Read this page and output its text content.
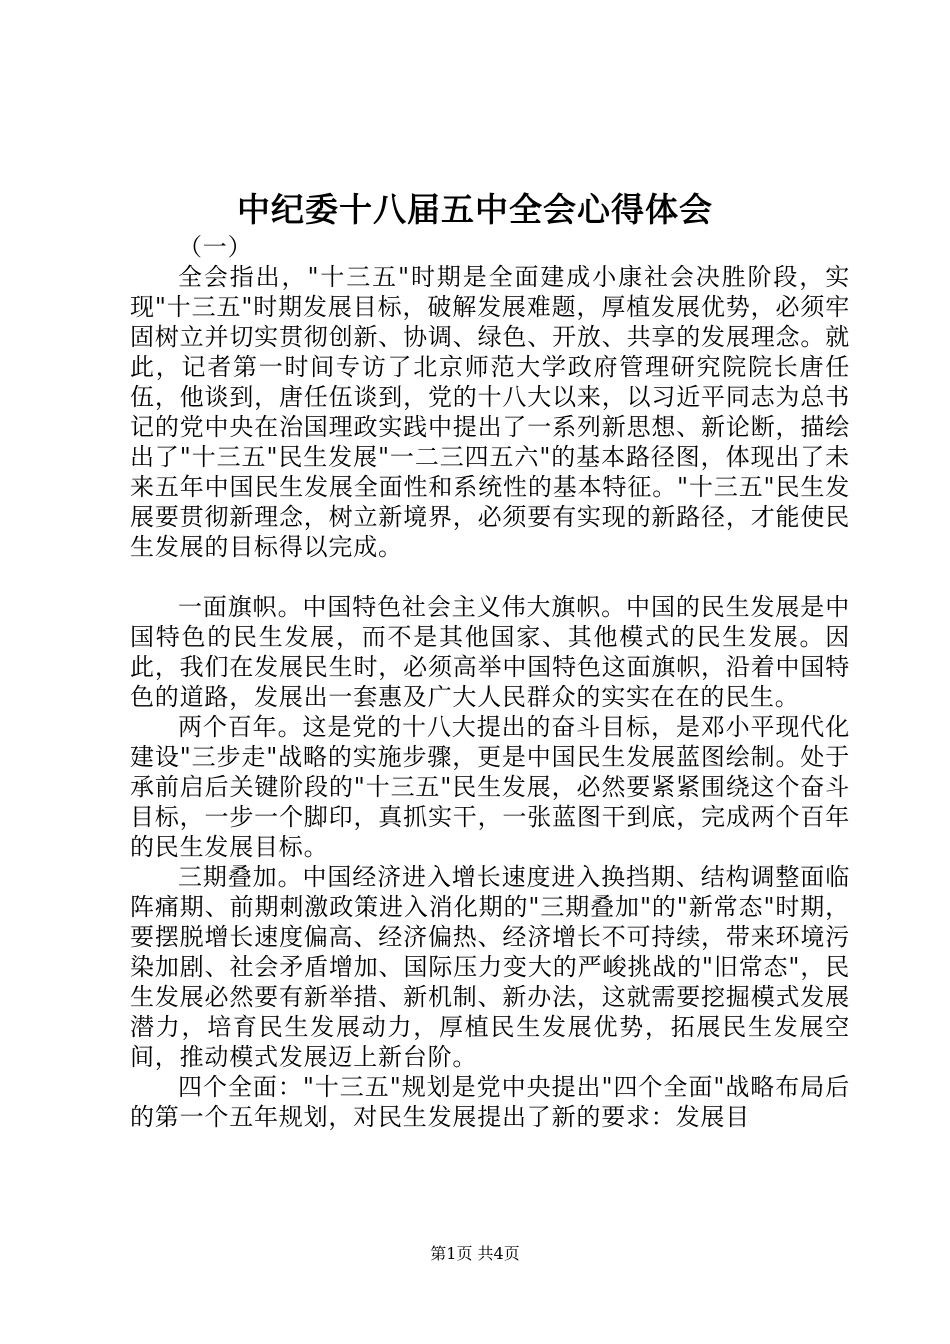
中纪委十八届五中全会心得体会

（一）

全会指出，"十三五"时期是全面建成小康社会决胜阶段，实现"十三五"时期发展目标，破解发展难题，厚植发展优势，必须牢固树立并切实贯彻创新、协调、绿色、开放、共享的发展理念。就此，记者第一时间专访了北京师范大学政府管理研究院院长唐任伍，他谈到，唐任伍谈到，党的十八大以来，以习近平同志为总书记的党中央在治国理政实践中提出了一系列新思想、新论断，描绘出了"十三五"民生发展"一二三四五六"的基本路径图，体现出了未来五年中国民生发展全面性和系统性的基本特征。"十三五"民生发展要贯彻新理念，树立新境界，必须要有实现的新路径，才能使民生发展的目标得以完成。

一面旗帜。中国特色社会主义伟大旗帜。中国的民生发展是中国特色的民生发展，而不是其他国家、其他模式的民生发展。因此，我们在发展民生时，必须高举中国特色这面旗帜，沿着中国特色的道路，发展出一套惠及广大人民群众的实实在在的民生。

两个百年。这是党的十八大提出的奋斗目标，是邓小平现代化建设"三步走"战略的实施步骤，更是中国民生发展蓝图绘制。处于承前启后关键阶段的"十三五"民生发展，必然要紧紧围绕这个奋斗目标，一步一个脚印，真抓实干，一张蓝图干到底，完成两个百年的民生发展目标。

三期叠加。中国经济进入增长速度进入换挡期、结构调整面临阵痛期、前期刺激政策进入消化期的"三期叠加"的"新常态"时期，要摆脱增长速度偏高、经济偏热、经济增长不可持续，带来环境污染加剧、社会矛盾增加、国际压力变大的严峻挑战的"旧常态"，民生发展必然要有新举措、新机制、新办法，这就需要挖掘模式发展潜力，培育民生发展动力，厚植民生发展优势，拓展民生发展空间，推动模式发展迈上新台阶。

四个全面："十三五"规划是党中央提出"四个全面"战略布局后的第一个五年规划，对民生发展提出了新的要求：发展目

第1页 共4页
